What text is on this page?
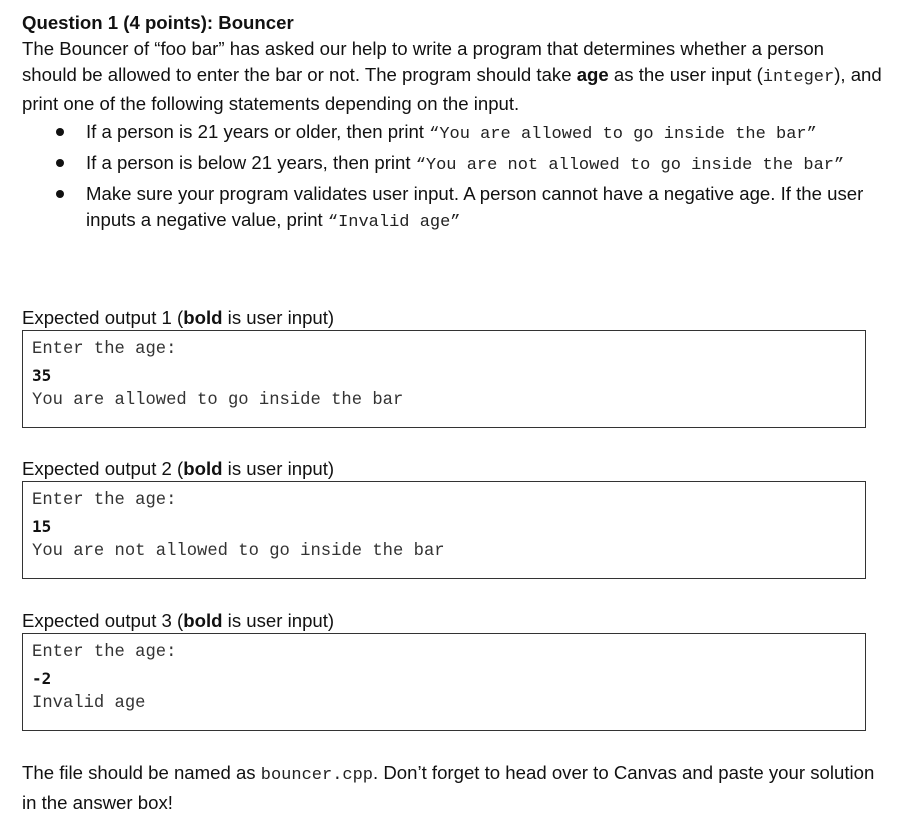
Question 1 (4 points): Bouncer

The Bouncer of “foo bar” has asked our help to write a program that determines whether a person should be allowed to enter the bar or not. The program should take age as the user input (integer), and print one of the following statements depending on the input.

If a person is 21 years or older, then print “You are allowed to go inside the bar”
If a person is below 21 years, then print “You are not allowed to go inside the bar”
Make sure your program validates user input. A person cannot have a negative age. If the user inputs a negative value, print “Invalid age”
Expected output 1 (bold is user input)
Enter the age:
35
You are allowed to go inside the bar
Expected output 2 (bold is user input)
Enter the age:
15
You are not allowed to go inside the bar
Expected output 3 (bold is user input)
Enter the age:
-2
Invalid age

The file should be named as bouncer.cpp. Don’t forget to head over to Canvas and paste your solution in the answer box!
